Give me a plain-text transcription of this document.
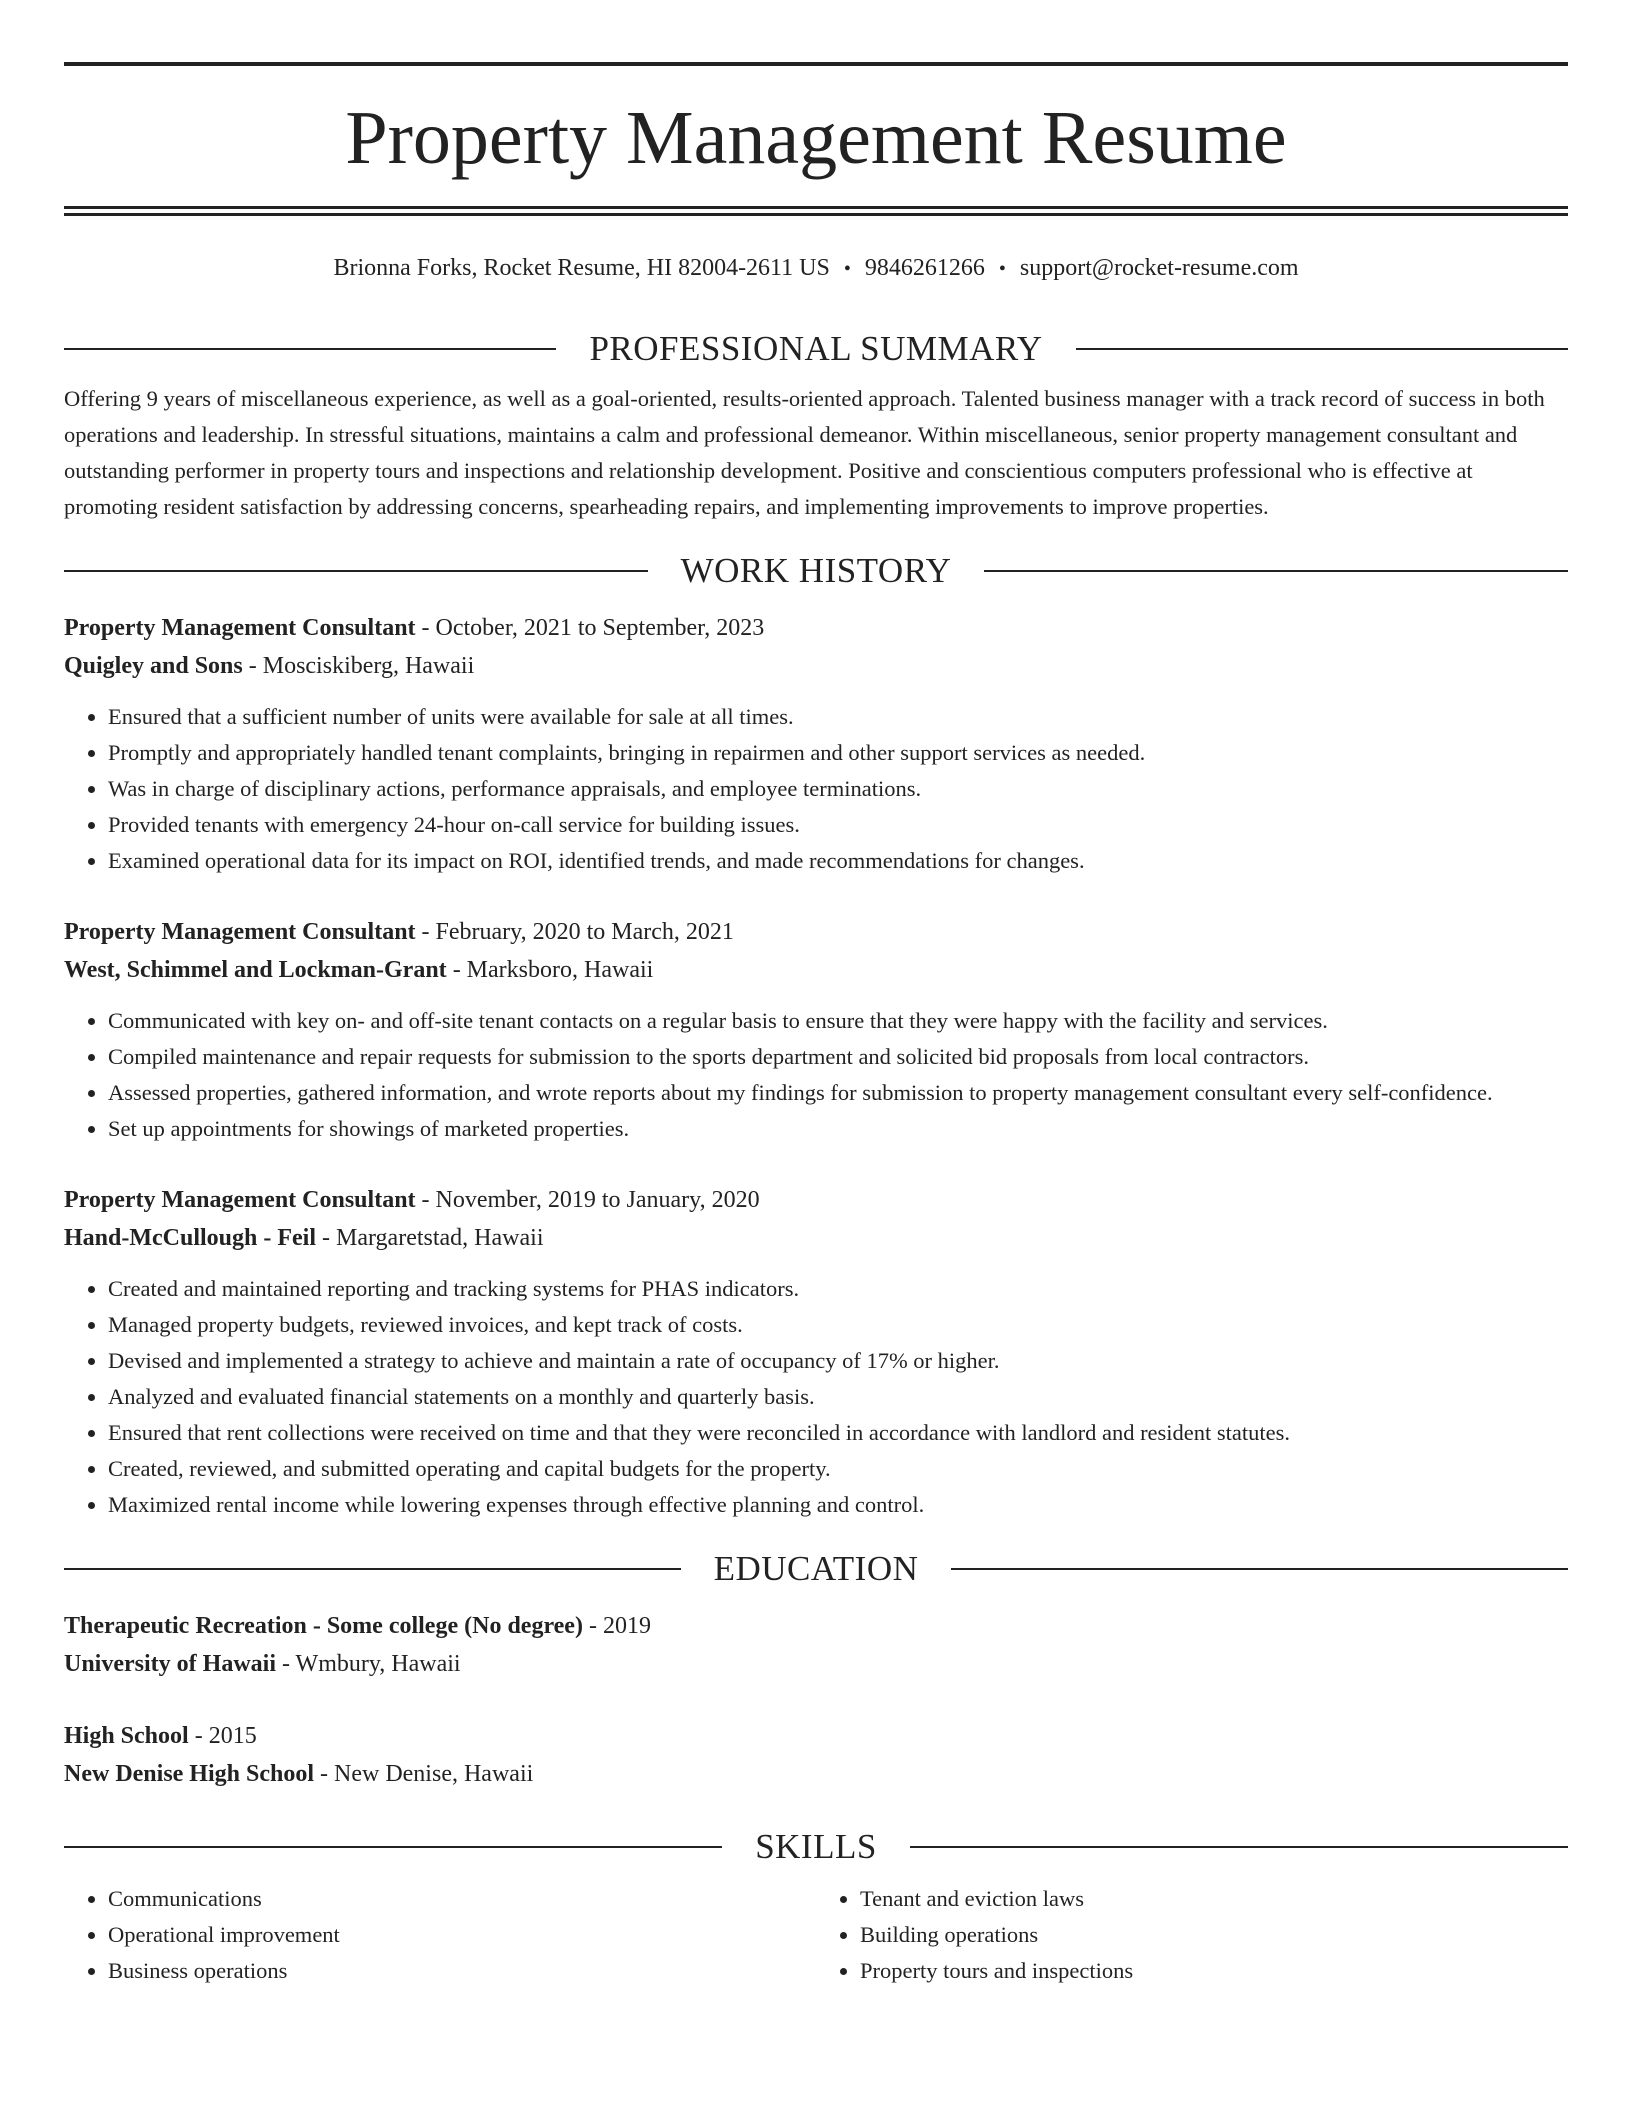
Property Management Resume
Brionna Forks, Rocket Resume, HI 82004-2611 US • 9846261266 • support@rocket-resume.com
PROFESSIONAL SUMMARY

Offering 9 years of miscellaneous experience, as well as a goal-oriented, results-oriented approach. Talented business manager with a track record of success in both operations and leadership. In stressful situations, maintains a calm and professional demeanor. Within miscellaneous, senior property management consultant and outstanding performer in property tours and inspections and relationship development. Positive and conscientious computers professional who is effective at promoting resident satisfaction by addressing concerns, spearheading repairs, and implementing improvements to improve properties.

WORK HISTORY
Property Management Consultant - October, 2021 to September, 2023
Quigley and Sons - Mosciskiberg, Hawaii
• Ensured that a sufficient number of units were available for sale at all times.
• Promptly and appropriately handled tenant complaints, bringing in repairmen and other support services as needed.
• Was in charge of disciplinary actions, performance appraisals, and employee terminations.
• Provided tenants with emergency 24-hour on-call service for building issues.
• Examined operational data for its impact on ROI, identified trends, and made recommendations for changes.
Property Management Consultant - February, 2020 to March, 2021
West, Schimmel and Lockman-Grant - Marksboro, Hawaii
• Communicated with key on- and off-site tenant contacts on a regular basis to ensure that they were happy with the facility and services.
• Compiled maintenance and repair requests for submission to the sports department and solicited bid proposals from local contractors.
• Assessed properties, gathered information, and wrote reports about my findings for submission to property management consultant every self-confidence.
• Set up appointments for showings of marketed properties.
Property Management Consultant - November, 2019 to January, 2020
Hand-McCullough - Feil - Margaretstad, Hawaii
• Created and maintained reporting and tracking systems for PHAS indicators.
• Managed property budgets, reviewed invoices, and kept track of costs.
• Devised and implemented a strategy to achieve and maintain a rate of occupancy of 17% or higher.
• Analyzed and evaluated financial statements on a monthly and quarterly basis.
• Ensured that rent collections were received on time and that they were reconciled in accordance with landlord and resident statutes.
• Created, reviewed, and submitted operating and capital budgets for the property.
• Maximized rental income while lowering expenses through effective planning and control.
EDUCATION
Therapeutic Recreation - Some college (No degree) - 2019
University of Hawaii - Wmbury, Hawaii
High School - 2015
New Denise High School - New Denise, Hawaii
SKILLS
• Communications
• Operational improvement
• Business operations
• Tenant and eviction laws
• Building operations
• Property tours and inspections
